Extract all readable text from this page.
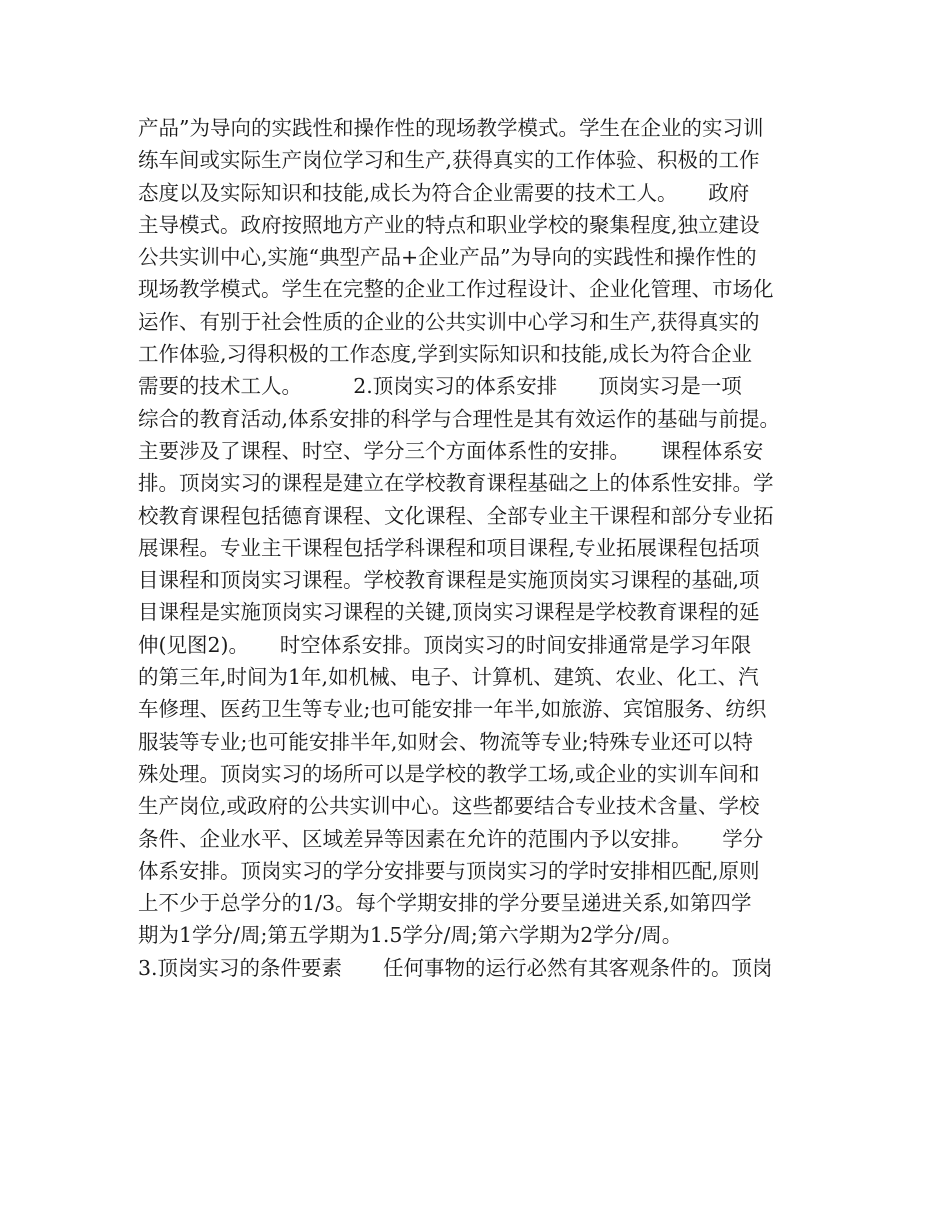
产品”为导向的实践性和操作性的现场教学模式。学生在企业的实习训
练车间或实际生产岗位学习和生产,获得真实的工作体验、积极的工作
态度以及实际知识和技能,成长为符合企业需要的技术工人。　　政府
主导模式。政府按照地方产业的特点和职业学校的聚集程度,独立建设
公共实训中心,实施“典型产品+企业产品”为导向的实践性和操作性的
现场教学模式。学生在完整的企业工作过程设计、企业化管理、市场化
运作、有别于社会性质的企业的公共实训中心学习和生产,获得真实的
工作体验,习得积极的工作态度,学到实际知识和技能,成长为符合企业
需要的技术工人。　　　2.顶岗实习的体系安排　　顶岗实习是一项
综合的教育活动,体系安排的科学与合理性是其有效运作的基础与前提。
主要涉及了课程、时空、学分三个方面体系性的安排。　　课程体系安
排。顶岗实习的课程是建立在学校教育课程基础之上的体系性安排。学
校教育课程包括德育课程、文化课程、全部专业主干课程和部分专业拓
展课程。专业主干课程包括学科课程和项目课程,专业拓展课程包括项
目课程和顶岗实习课程。学校教育课程是实施顶岗实习课程的基础,项
目课程是实施顶岗实习课程的关键,顶岗实习课程是学校教育课程的延
伸(见图2)。　　时空体系安排。顶岗实习的时间安排通常是学习年限
的第三年,时间为1年,如机械、电子、计算机、建筑、农业、化工、汽
车修理、医药卫生等专业;也可能安排一年半,如旅游、宾馆服务、纺织
服装等专业;也可能安排半年,如财会、物流等专业;特殊专业还可以特
殊处理。顶岗实习的场所可以是学校的教学工场,或企业的实训车间和
生产岗位,或政府的公共实训中心。这些都要结合专业技术含量、学校
条件、企业水平、区域差异等因素在允许的范围内予以安排。　　学分
体系安排。顶岗实习的学分安排要与顶岗实习的学时安排相匹配,原则
上不少于总学分的1/3。每个学期安排的学分要呈递进关系,如第四学
期为1学分/周;第五学期为1.5学分/周;第六学期为2学分/周。
3.顶岗实习的条件要素　　任何事物的运行必然有其客观条件的。顶岗
